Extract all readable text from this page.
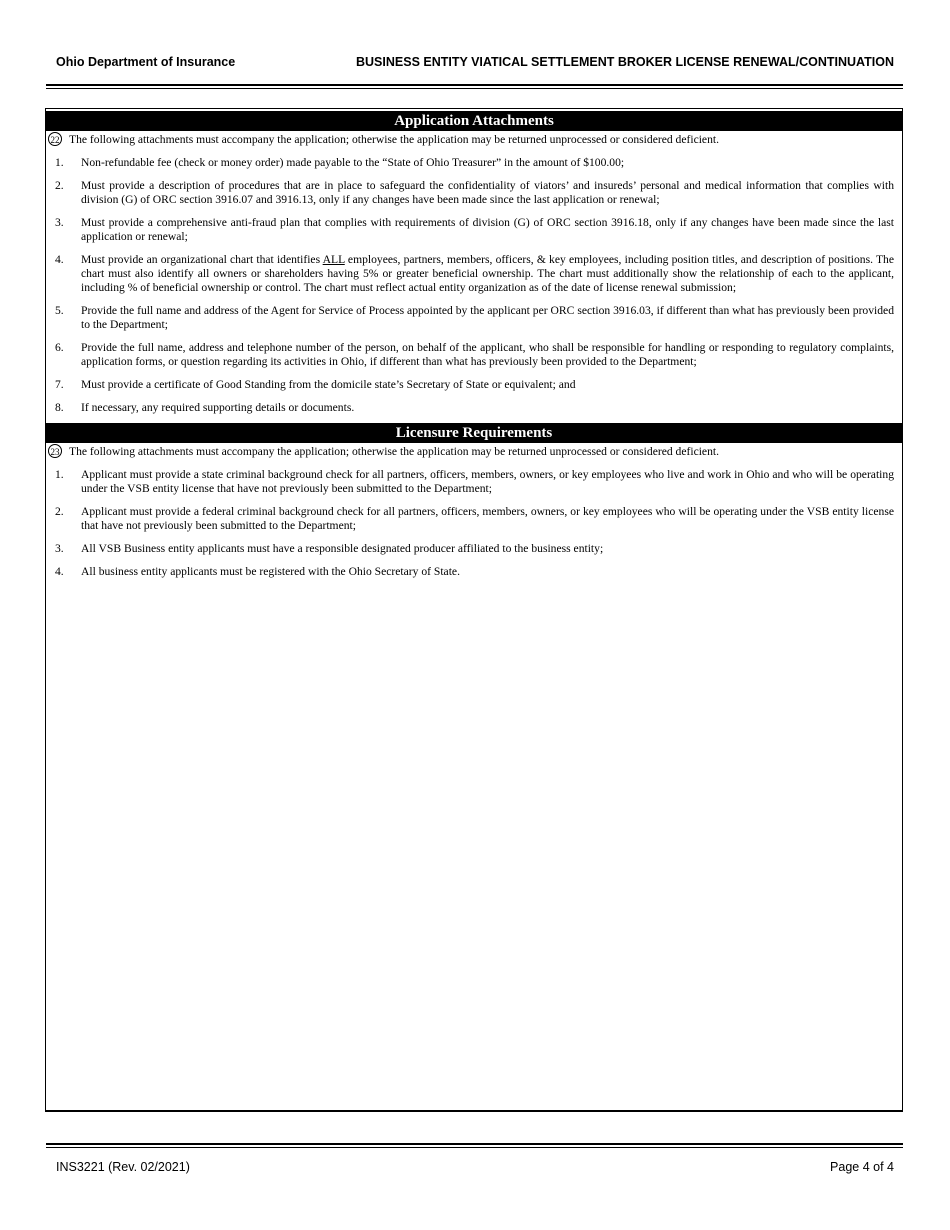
Ohio Department of Insurance	BUSINESS ENTITY VIATICAL SETTLEMENT BROKER LICENSE RENEWAL/CONTINUATION
Application Attachments
22 The following attachments must accompany the application; otherwise the application may be returned unprocessed or considered deficient.
1. Non-refundable fee (check or money order) made payable to the “State of Ohio Treasurer” in the amount of $100.00;
2. Must provide a description of procedures that are in place to safeguard the confidentiality of viators’ and insureds’ personal and medical information that complies with division (G) of ORC section 3916.07 and 3916.13, only if any changes have been made since the last application or renewal;
3. Must provide a comprehensive anti-fraud plan that complies with requirements of division (G) of ORC section 3916.18, only if any changes have been made since the last application or renewal;
4. Must provide an organizational chart that identifies ALL employees, partners, members, officers, & key employees, including position titles, and description of positions. The chart must also identify all owners or shareholders having 5% or greater beneficial ownership. The chart must additionally show the relationship of each to the applicant, including % of beneficial ownership or control. The chart must reflect actual entity organization as of the date of license renewal submission;
5. Provide the full name and address of the Agent for Service of Process appointed by the applicant per ORC section 3916.03, if different than what has previously been provided to the Department;
6. Provide the full name, address and telephone number of the person, on behalf of the applicant, who shall be responsible for handling or responding to regulatory complaints, application forms, or question regarding its activities in Ohio, if different than what has previously been provided to the Department;
7. Must provide a certificate of Good Standing from the domicile state’s Secretary of State or equivalent; and
8. If necessary, any required supporting details or documents.
Licensure Requirements
23 The following attachments must accompany the application; otherwise the application may be returned unprocessed or considered deficient.
1. Applicant must provide a state criminal background check for all partners, officers, members, owners, or key employees who live and work in Ohio and who will be operating under the VSB entity license that have not previously been submitted to the Department;
2. Applicant must provide a federal criminal background check for all partners, officers, members, owners, or key employees who will be operating under the VSB entity license that have not previously been submitted to the Department;
3. All VSB Business entity applicants must have a responsible designated producer affiliated to the business entity;
4. All business entity applicants must be registered with the Ohio Secretary of State.
INS3221 (Rev. 02/2021)	Page 4 of 4
